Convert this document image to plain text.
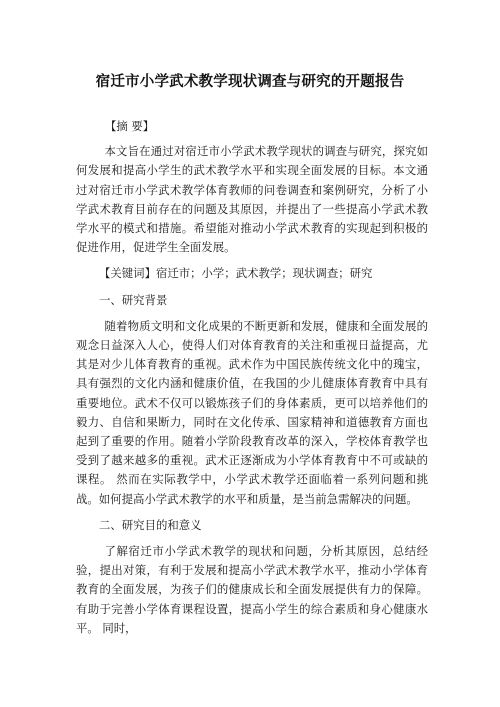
宿迁市小学武术教学现状调查与研究的开题报告

【摘 要】

本文旨在通过对宿迁市小学武术教学现状的调查与研究，探究如何发展和提高小学生的武术教学水平和实现全面发展的目标。本文通过对宿迁市小学武术教学体育教师的问卷调查和案例研究，分析了小学武术教育目前存在的问题及其原因，并提出了一些提高小学武术教学水平的模式和措施。希望能对推动小学武术教育的实现起到积极的促进作用，促进学生全面发展。

【关键词】宿迁市；小学；武术教学；现状调查；研究

一、研究背景

随着物质文明和文化成果的不断更新和发展，健康和全面发展的观念日益深入人心，使得人们对体育教育的关注和重视日益提高，尤其是对少儿体育教育的重视。武术作为中国民族传统文化中的瑰宝，具有强烈的文化内涵和健康价值，在我国的少儿健康体育教育中具有重要地位。武术不仅可以锻炼孩子们的身体素质，更可以培养他们的毅力、自信和果断力，同时在文化传承、国家精神和道德教育方面也起到了重要的作用。随着小学阶段教育改革的深入，学校体育教学也受到了越来越多的重视。武术正逐渐成为小学体育教育中不可或缺的课程。 然而在实际教学中，小学武术教学还面临着一系列问题和挑战。如何提高小学武术教学的水平和质量，是当前急需解决的问题。

二、研究目的和意义

了解宿迁市小学武术教学的现状和问题，分析其原因，总结经验，提出对策，有利于发展和提高小学武术教学水平，推动小学体育教育的全面发展，为孩子们的健康成长和全面发展提供有力的保障。 有助于完善小学体育课程设置，提高小学生的综合素质和身心健康水平。 同时，
